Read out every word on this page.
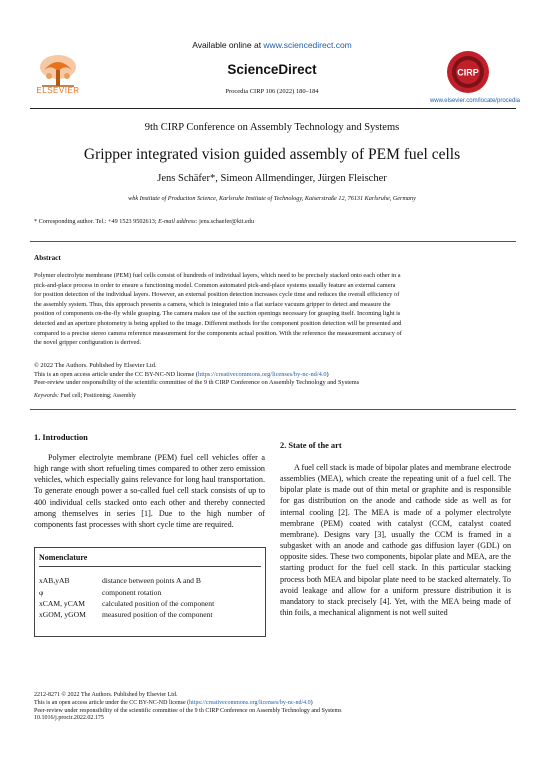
Available online at www.sciencedirect.com
ELSEVIER
ScienceDirect
Procedia CIRP 106 (2022) 180–184
CIRP
www.elsevier.com/locate/procedia
9th CIRP Conference on Assembly Technology and Systems
Gripper integrated vision guided assembly of PEM fuel cells
Jens Schäfer*, Simeon Allmendinger, Jürgen Fleischer
wbk Institute of Production Science, Karlsruhe Institute of Technology, Kaiserstraße 12, 76131 Karlsruhe, Germany
* Corresponding author. Tel.: +49 1523 9502613; E-mail address: jens.schaefer@kit.edu
Abstract
Polymer electrolyte membrane (PEM) fuel cells consist of hundreds of individual layers, which need to be precisely stacked onto each other in a
pick-and-place process in order to ensure a functioning model. Common automated pick-and-place systems usually feature an external camera
for position detection of the individual layers. However, an external position detection increases cycle time and reduces the overall efficiency of
the assembly system. Thus, this approach presents a camera, which is integrated into a flat surface vacuum gripper to detect and measure the
position of components on-the-fly while grasping. The camera makes use of the suction openings necessary for grasping itself. Incoming light is
detected and an aperture photometry is being applied to the image. Different methods for the component position detection will be presented and
compared to a precise stereo camera reference measurement for the components actual position. With the reference the measurement accuracy of
the novel gripper configuration is derived.
© 2022 The Authors. Published by Elsevier Ltd.
This is an open access article under the CC BY-NC-ND license (https://creativecommons.org/licenses/by-nc-nd/4.0)
Peer-review under responsibility of the scientific committee of the 9 th CIRP Conference on Assembly Technology and Systems
Keywords: Fuel cell; Positioning; Assembly
1. Introduction
Polymer electrolyte membrane (PEM) fuel cell vehicles offer a high range with short refueling times compared to other zero emission vehicles, which especially gains relevance for long haul transportation. To generate enough power a so-called fuel cell stack consists of up to 400 individual cells stacked onto each other and thereby connected among themselves in series [1]. Due to the high number of components fast processes with short cycle time are required.
Nomenclature
xAB,yAB	distance between points A and B
φ	component rotation
xCAM, yCAM calculated position of the component
xGOM, yGOM measured position of the component
2. State of the art
A fuel cell stack is made of bipolar plates and membrane electrode assemblies (MEA), which create the repeating unit of a fuel cell. The bipolar plate is made out of thin metal or graphite and is responsible for gas distribution on the anode and cathode side as well as for internal cooling [2]. The MEA is made of a polymer electrolyte membrane (PEM) coated with catalyst (CCM, catalyst coated membrane). Designs vary [3], usually the CCM is framed in a subgasket with an anode and cathode gas diffusion layer (GDL) on opposite sides. These two components, bipolar plate and MEA, are the starting product for the fuel cell stack. In this particular stacking process both MEA and bipolar plate need to be stacked alternately. To avoid leakage and allow for a uniform pressure distribution it is mandatory to stack precisely [4]. Yet, with the MEA being made of thin foils, a mechanical alignment is not well suited
2212-8271 © 2022 The Authors. Published by Elsevier Ltd.
This is an open access article under the CC BY-NC-ND license (https://creativecommons.org/licenses/by-nc-nd/4.0)
Peer-review under responsibility of the scientific committee of the 9 th CIRP Conference on Assembly Technology and Systems
10.1016/j.procir.2022.02.175
